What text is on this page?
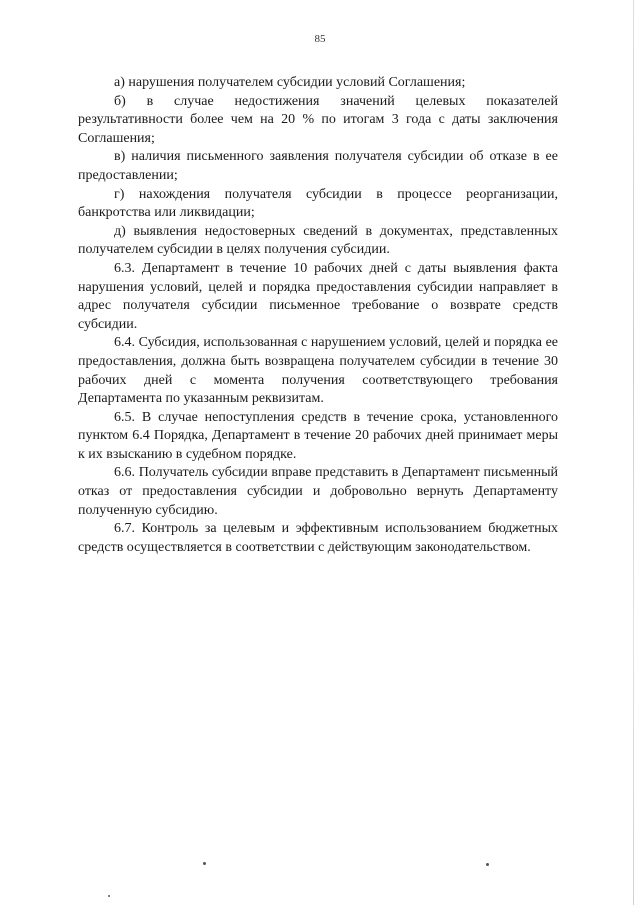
85

а) нарушения получателем субсидии условий Соглашения;

б) в случае недостижения значений целевых показателей результативности более чем на 20 % по итогам 3 года с даты заключения Соглашения;

в) наличия письменного заявления получателя субсидии об отказе в ее предоставлении;

г) нахождения получателя субсидии в процессе реорганизации, банкротства или ликвидации;

д) выявления недостоверных сведений в документах, представленных получателем субсидии в целях получения субсидии.

6.3. Департамент в течение 10 рабочих дней с даты выявления факта нарушения условий, целей и порядка предоставления субсидии направляет в адрес получателя субсидии письменное требование о возврате средств субсидии.

6.4. Субсидия, использованная с нарушением условий, целей и порядка ее предоставления, должна быть возвращена получателем субсидии в течение 30 рабочих дней с момента получения соответствующего требования Департамента по указанным реквизитам.

6.5. В случае непоступления средств в течение срока, установленного пунктом 6.4 Порядка, Департамент в течение 20 рабочих дней принимает меры к их взысканию в судебном порядке.

6.6. Получатель субсидии вправе представить в Департамент письменный отказ от предоставления субсидии и добровольно вернуть Департаменту полученную субсидию.

6.7. Контроль за целевым и эффективным использованием бюджетных средств осуществляется в соответствии с действующим законодательством.
